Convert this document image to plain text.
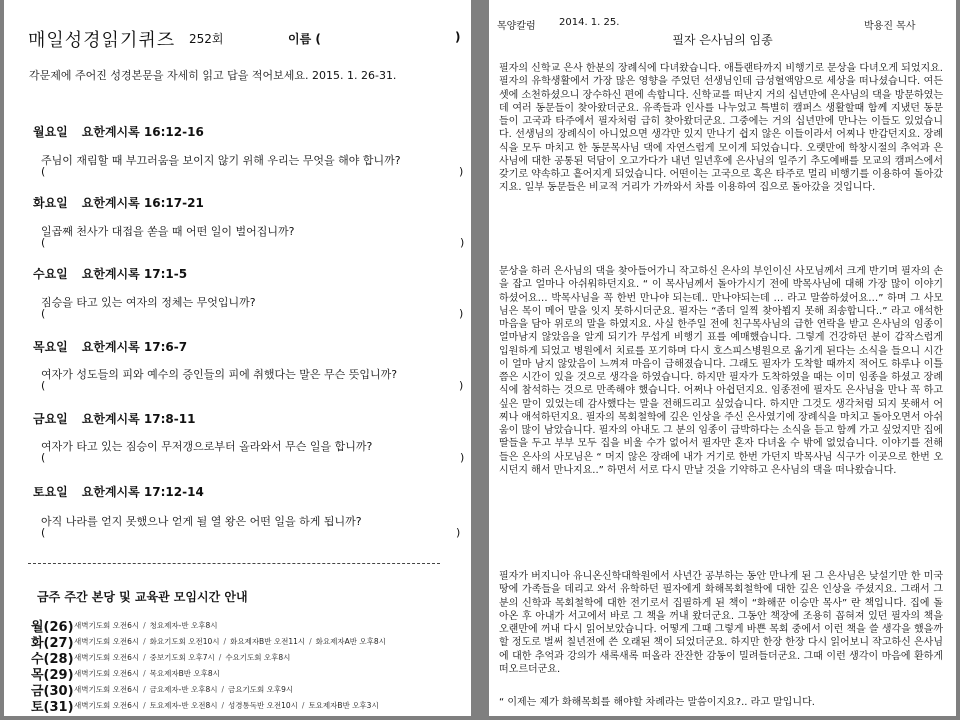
매일성경읽기퀴즈 252회	이름 (	)
각문제에 주어진 성경본문을 자세히 읽고 답을 적어보세요. 2015. 1. 26-31.
월요일 요한계시록 16:12-16
주님이 재림할 때 부끄러움을 보이지 않기 위해 우리는 무엇을 해야 합니까?
(	)
화요일 요한계시록 16:17-21
일곱째 천사가 대접을 쏟을 때 어떤 일이 벌어집니까?
(	)
수요일 요한계시록 17:1-5
짐승을 타고 있는 여자의 정체는 무엇입니까?
(	)
목요일 요한계시록 17:6-7
여자가 성도들의 피와 예수의 증인들의 피에 취했다는 말은 무슨 뜻입니까?
(	)
금요일 요한계시록 17:8-11
여자가 타고 있는 짐승이 무저갱으로부터 올라와서 무슨 일을 합니까?
(	)
토요일 요한계시록 17:12-14
아직 나라를 얻지 못했으나 얻게 될 열 왕은 어떤 일을 하게 됩니까?
(	)
금주 주간 본당 및 교육관 모임시간 안내
월(26) 새벽기도회 오전6시 / 청요제자-반 오후8시
화(27) 새벽기도회 오전6시 / 화요기도회 오전10시 / 화요제자B반 오전11시 / 화요제자A반 오후8시
수(28) 새벽기도회 오전6시 / 중보기도회 오후7시 / 수요기도회 오후8시
목(29) 새벽기도회 오전6시 / 목요제자B반 오후8시
금(30) 새벽기도회 오전6시 / 금요제자-반 오후8시 / 금요기도회 오후9시
토(31) 새벽기도회 오전6시 / 토요제자-반 오전8시 / 성경통독반 오전10시 / 토요제자B반 오후3시
목양칼럼 2014. 1. 25.	박용진 목사
필자 은사님의 임종
필자의 신학교 은사 한분의 장례식에 다녀왔습니다. 애틀랜타까지 비행기로 문상을 다녀오게 되었지요. 필자의 유학생활에서 가장 많은 영향을 주었던 선생님인데 급성혈액암으로 세상을 떠나셨습니다. 여든셋에 소천하셨으니 장수하신 편에 속합니다. 신학교를 떠난지 거의 십년만에 은사님의 댁을 방문하였는데 여러 동문들이 찾아왔더군요. 유족들과 인사를 나누었고 특별히 캠퍼스 생활할때 함께 지냈던 동문들이 고국과 타주에서 필자처럼 급히 찾아왔더군요. 그중에는 거의 십년만에 만나는 이들도 있었습니다. 선생님의 장례식이 아니었으면 생각만 있지 만나기 쉽지 않은 이들이라서 어찌나 반갑던지요. 장례식을 모두 마치고 한 동문목사님 댁에 자연스럽게 모이게 되었습니다. 오랫만에 학창시절의 추억과 은사님에 대한 공통된 덕담이 오고가다가 내년 일년후에 은사님의 일주기 추도예배를 모교의 캠퍼스에서 갖기로 약속하고 흩어지게 되었습니다. 어떤이는 고국으로 혹은 타주로 멀리 비행기를 이용하여 돌아갔지요. 일부 동문들은 비교적 거리가 가까와서 차를 이용하여 집으로 돌아갔을 것입니다.
문상을 하러 은사님의 댁을 찾아들어가니 작고하신 은사의 부인이신 사모님께서 크게 반기며 필자의 손을 잡고 얼마나 아쉬워하던지요. “ 이 목사님께서 돌아가시기 전에 박목사님에 대해 가장 많이 이야기하셨어요… 박목사님을 꼭 한번 만나야 되는데.. 만나야되는데 … 라고 말씀하셨어요…” 하며 그 사모님은 목이 메어 말을 잇지 못하시더군요. 필자는 “좀더 일찍 찾아뵙지 못해 죄송합니다..” 라고 애석한 마음을 담아 위로의 말을 하였지요. 사실 한주일 전에 친구목사님의 급한 연락을 받고 은사님의 임종이 얼마남지 않았음을 알게 되기가 무섭게 비행기 표를 예매했습니다. 그렇게 건강하던 분이 갑작스럽게 입원하게 되었고 병원에서 치료를 포기하며 다시 호스피스병원으로 옮기게 된다는 소식을 들으니 시간이 얼마 남지 않았음이 느껴져 마음이 급해졌습니다. 그래도 필자가 도착할 때까지 적어도 하루나 이틀 쯤은 시간이 있을 것으로 생각을 하였습니다. 하지만 필자가 도착하였을 때는 이미 임종을 하셨고 장례식에 참석하는 것으로 만족해야 했습니다. 어쩌나 아쉽던지요. 임종전에 필자도 은사님을 만나 꼭 하고 싶은 말이 있었는데 감사했다는 말을 전해드리고 싶었습니다. 하지만 그것도 생각처럼 되지 못해서 어찌나 애석하던지요. 필자의 목회철학에 깊은 인상을 주신 은사였기에 장례식을 마치고 돌아오면서 아쉬움이 많이 남았습니다. 필자의 아내도 그 분의 임종이 급박하다는 소식을 듣고 함께 가고 싶었지만 집에 딸들을 두고 부부 모두 집을 비울 수가 없어서 필자만 혼자 다녀올 수 밖에 없었습니다. 이야기를 전해들은 은사의 사모님은 “ 머지 않은 장래에 내가 거기로 한번 가던지 박목사님 식구가 이곳으로 한번 오시던지 해서 만나지요..” 하면서 서로 다시 만날 것을 기약하고 은사님의 댁을 떠나왔습니다.
필자가 버지니아 유니온신학대학원에서 사년간 공부하는 동안 만나게 된 그 은사님은 낮설기만 한 미국땅에 가족들을 데리고 와서 유학하던 필자에게 화해목회철학에 대한 깊은 인상을 주셨지요. 그래서 그 분의 신학과 목회철학에 대한 전기로서 집필하게 된 책이 “화해꾼 이승만 목사” 란 책입니다. 집에 돌아온 후 아내가 서고에서 바로 그 책을 꺼내 왔더군요. 그동안 책장에 조용히 꼽혀져 있던 필자의 책을 오랜만에 꺼내 다시 읽어보았습니다. 어떻게 그때 그렇게 바쁜 목회 중에서 이런 책을 쓸 생각을 했을까할 정도로 벌써 칠년전에 쓴 오래된 책이 되었더군요. 하지만 한장 한장 다시 읽어보니 작고하신 은사님에 대한 추억과 강의가 새록새록 떠올라 잔잔한 감동이 밀려들더군요. 그때 이런 생각이 마음에 환하게 떠오르더군요.
“ 이제는 제가 화해목회를 해야할 차례라는 말씀이지요?.. 라고 말입니다.
